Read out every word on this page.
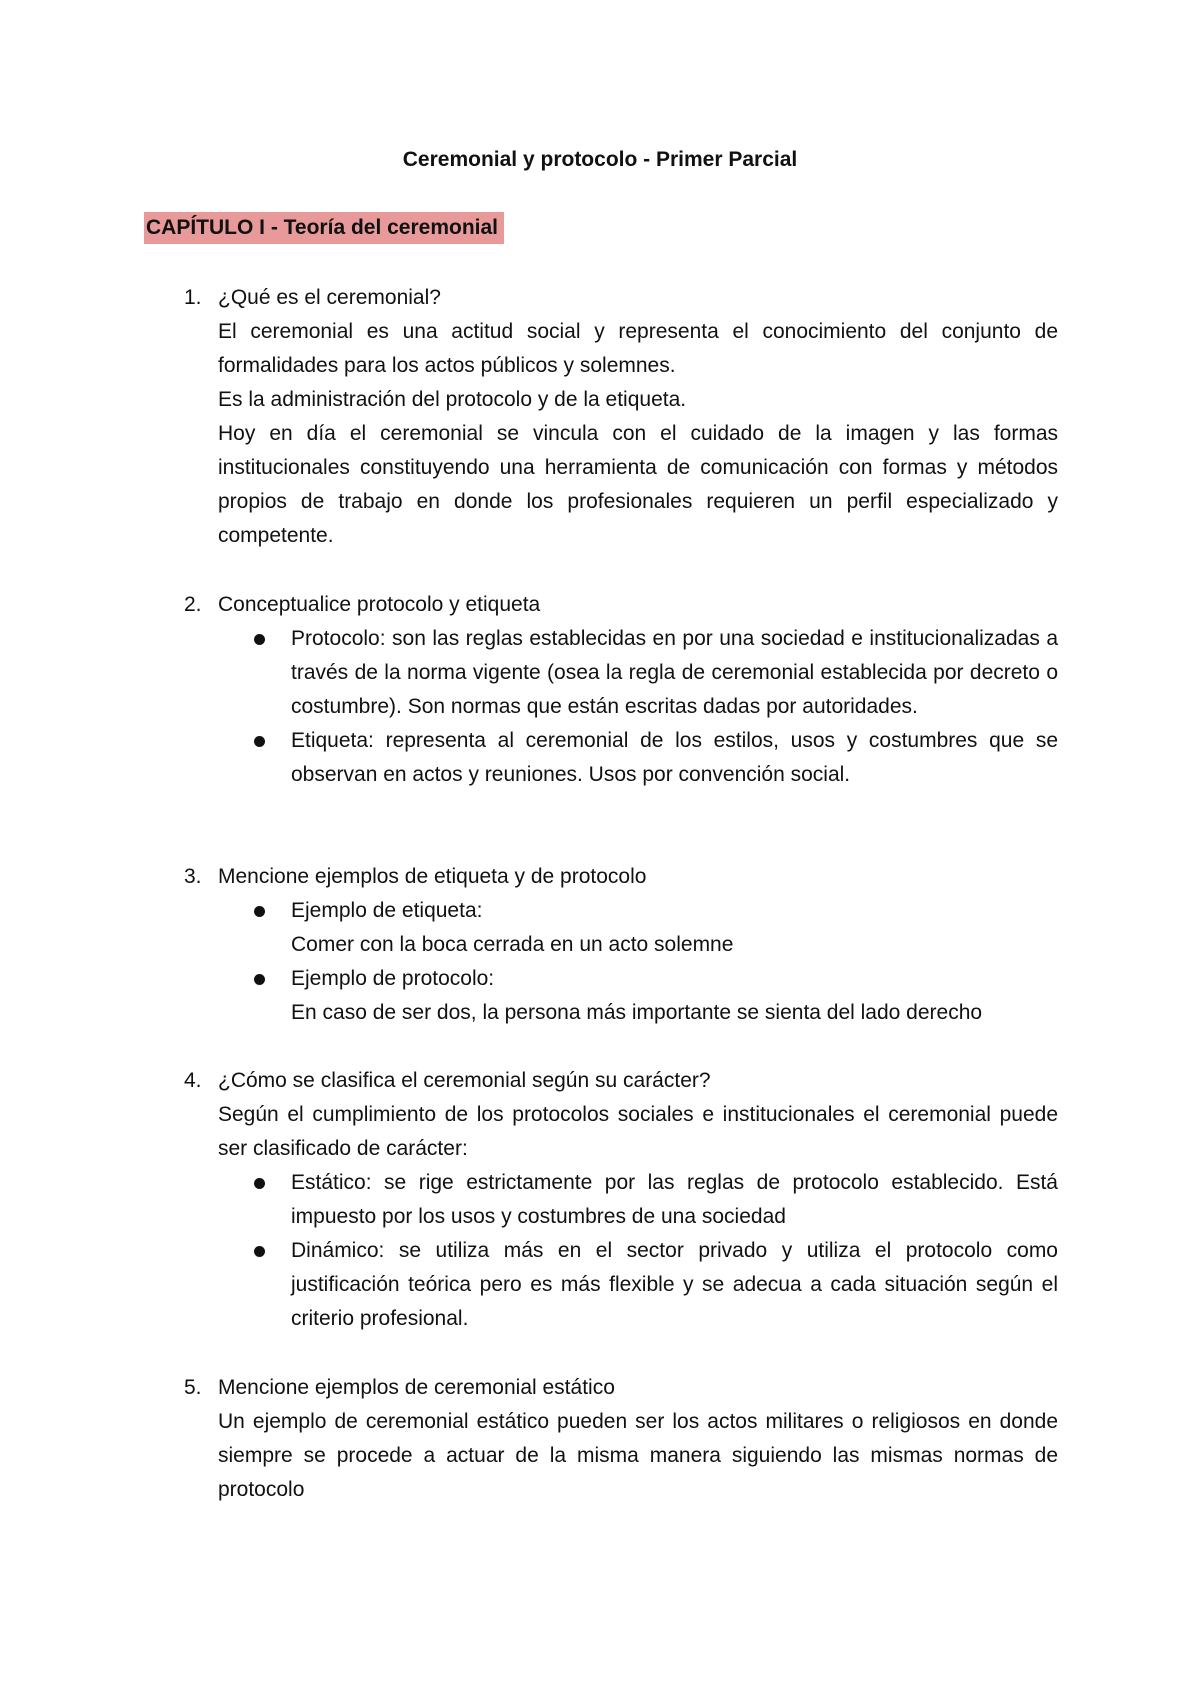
Ceremonial y protocolo - Primer Parcial
CAPÍTULO I - Teoría del ceremonial
1. ¿Qué es el ceremonial?

El ceremonial es una actitud social y representa el conocimiento del conjunto de formalidades para los actos públicos y solemnes.

Es la administración del protocolo y de la etiqueta.

Hoy en día el ceremonial se vincula con el cuidado de la imagen y las formas institucionales constituyendo una herramienta de comunicación con formas y métodos propios de trabajo en donde los profesionales requieren un perfil especializado y competente.

2. Conceptualice protocolo y etiqueta

Protocolo: son las reglas establecidas en por una sociedad e institucionalizadas a través de la norma vigente (osea la regla de ceremonial establecida por decreto o costumbre). Son normas que están escritas dadas por autoridades.
Etiqueta: representa al ceremonial de los estilos, usos y costumbres que se observan en actos y reuniones. Usos por convención social.
3. Mencione ejemplos de etiqueta y de protocolo

Ejemplo de etiqueta:
Comer con la boca cerrada en un acto solemne
Ejemplo de protocolo:
En caso de ser dos, la persona más importante se sienta del lado derecho
4. ¿Cómo se clasifica el ceremonial según su carácter?

Según el cumplimiento de los protocolos sociales e institucionales el ceremonial puede ser clasificado de carácter:

Estático: se rige estrictamente por las reglas de protocolo establecido. Está impuesto por los usos y costumbres de una sociedad
Dinámico: se utiliza más en el sector privado y utiliza el protocolo como justificación teórica pero es más flexible y se adecua a cada situación según el criterio profesional.
5. Mencione ejemplos de ceremonial estático

Un ejemplo de ceremonial estático pueden ser los actos militares o religiosos en donde siempre se procede a actuar de la misma manera siguiendo las mismas normas de protocolo
